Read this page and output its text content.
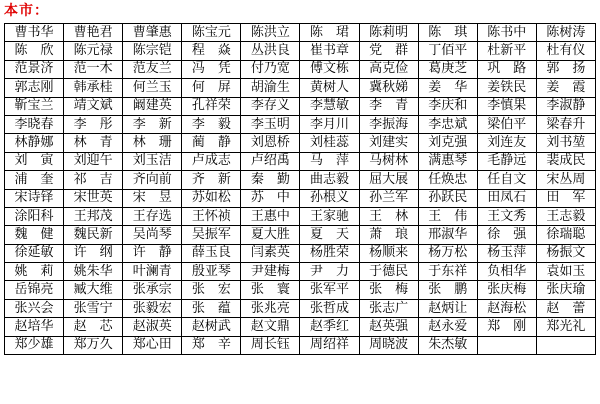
本市：
曹书华	曹艳君	曹肇惠	陈宝元	陈洪立	陈　珺	陈莉明	陈　琪	陈书中	陈树涛
陈　欣	陈元禄	陈宗铠	程　焱	丛洪良	崔书章	党　群	丁佰平	杜新平	杜有仪
范景济	范一木	范友兰	冯　凭	付乃宽	傅文栋	高克俭	葛庚芝	巩　路	郭　扬
郭志刚	韩承桂	何兰玉	何　屏	胡渝生	黄树人	冀秋娣	姜　华	姜铁民	姜　霞
靳宝兰	靖文斌	阚建英	孔祥荣	李存义	李慧敏	李　青	李庆和	李慎果	李淑静
李晓春	李　彤	李　新	李　毅	李玉明	李月川	李振海	李忠斌	梁伯平	梁春升
林静娜	林　青	林　珊	蔺　静	刘恩桥	刘桂蕊	刘建实	刘克强	刘连友	刘书堃
刘　寅	刘迎午	刘玉洁	卢成志	卢绍禹	马　萍	马树林	满惠琴	毛静远	裴成民
浦　奎	祁　吉	齐向前	齐　新	秦　勤	曲志毅	屈大展	任焕忠	任自文	宋丛周
宋诗铎	宋世英	宋　昱	苏如松	苏　中	孙根义	孙兰军	孙跃民	田凤石	田　军
涂阳科	王邦茂	王存选	王怀祯	王惠中	王家驰	王　林	王　伟	王文秀	王志毅
魏　健	魏民新	吴尚琴	吴振军	夏大胜	夏　天	萧　琅	邢淑华	徐　强	徐瑞聪
徐延敏	许　纲	许　静	薛玉良	闫素英	杨胜荣	杨顺来	杨万松	杨玉萍	杨振文
姚　莉	姚朱华	叶澜青	殷亚琴	尹建梅	尹　力	于德民	于东祥	负相华	袁如玉
岳锦亮	臧大维	张承宗	张　宏	张　寰	张军平	张　梅	张　鹏	张庆梅	张庆瑜
张兴会	张雪宁	张毅宏	张　蕴	张兆亮	张哲成	张志广	赵炳让	赵海松	赵　蕾
赵培华	赵　芯	赵淑英	赵树武	赵文鼎	赵季红	赵英强	赵永爱	郑　刚	郑光礼
郑少雄	郑万久	郑心田	郑　辛	周长钰	周绍祥	周晓波	朱杰敏		
